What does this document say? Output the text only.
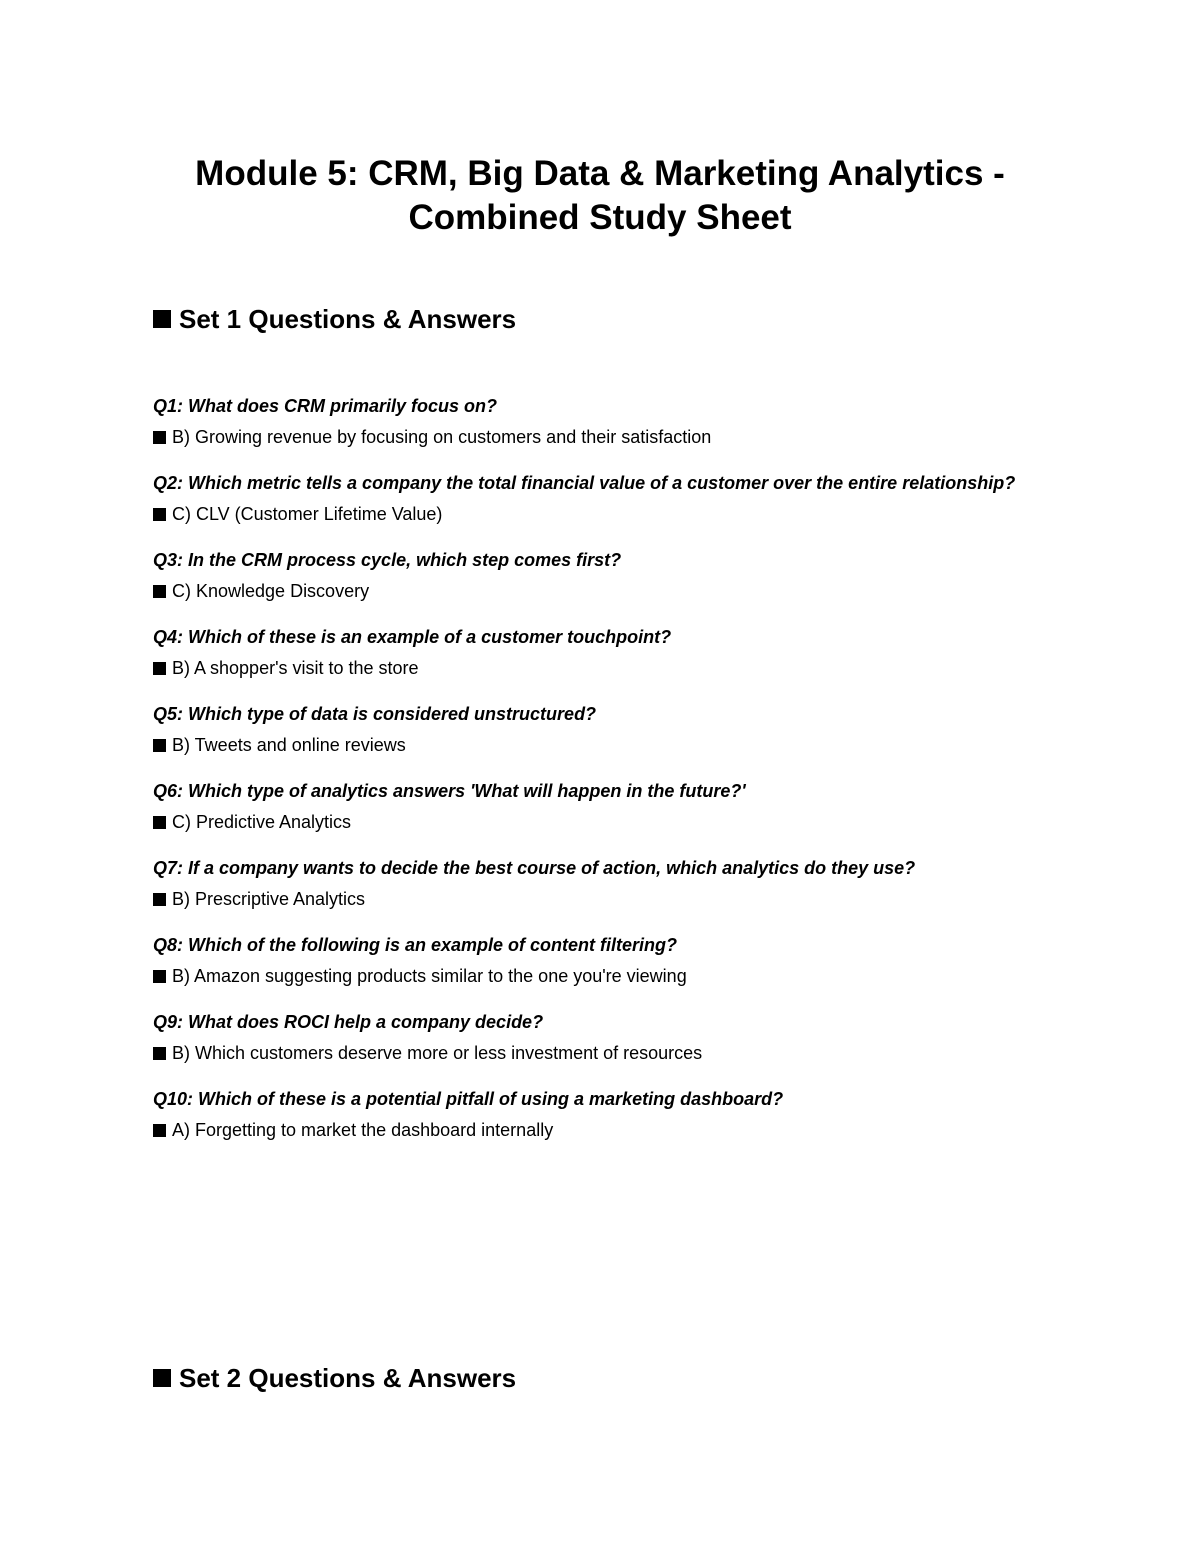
Module 5: CRM, Big Data & Marketing Analytics -
Combined Study Sheet
Set 1 Questions & Answers

Q1: What does CRM primarily focus on?

B) Growing revenue by focusing on customers and their satisfaction

Q2: Which metric tells a company the total financial value of a customer over the entire relationship?

C) CLV (Customer Lifetime Value)

Q3: In the CRM process cycle, which step comes first?

C) Knowledge Discovery

Q4: Which of these is an example of a customer touchpoint?

B) A shopper's visit to the store

Q5: Which type of data is considered unstructured?

B) Tweets and online reviews

Q6: Which type of analytics answers 'What will happen in the future?'

C) Predictive Analytics

Q7: If a company wants to decide the best course of action, which analytics do they use?

B) Prescriptive Analytics

Q8: Which of the following is an example of content filtering?

B) Amazon suggesting products similar to the one you're viewing

Q9: What does ROCI help a company decide?

B) Which customers deserve more or less investment of resources

Q10: Which of these is a potential pitfall of using a marketing dashboard?

A) Forgetting to market the dashboard internally

Set 2 Questions & Answers
